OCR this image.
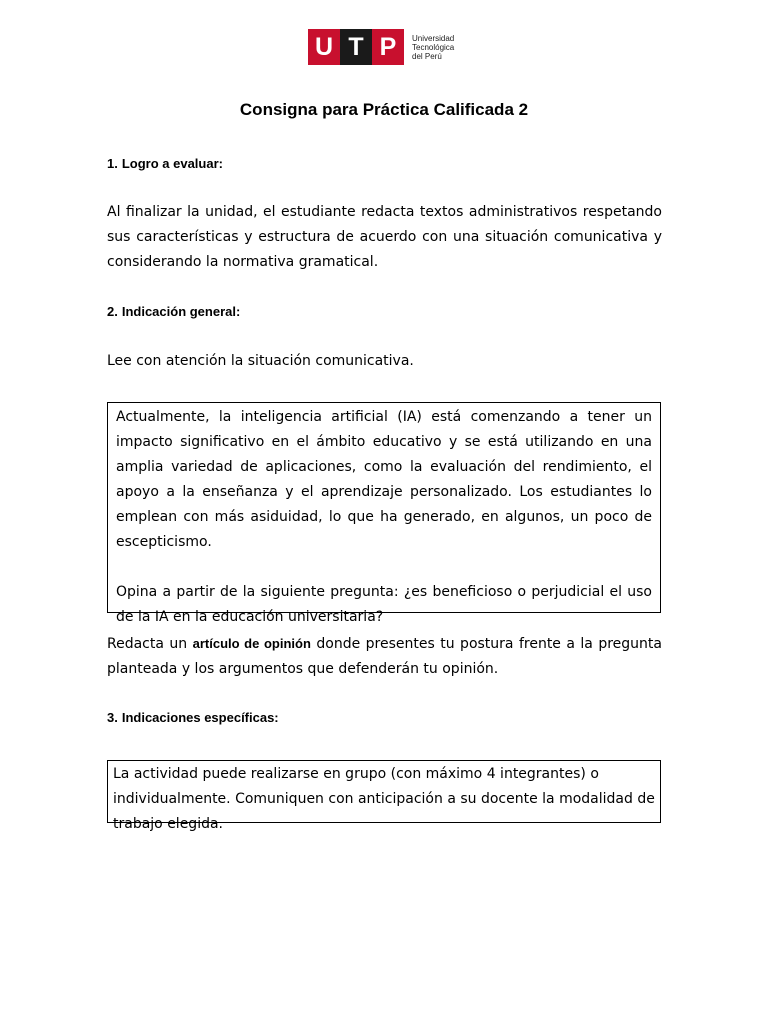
U T P	Universidad
Tecnológica
del Perú
Consigna para Práctica Calificada 2
1. Logro a evaluar:

Al finalizar la unidad, el estudiante redacta textos administrativos respetando sus características y estructura de acuerdo con una situación comunicativa y considerando la normativa gramatical.

2. Indicación general:

Lee con atención la situación comunicativa.

Actualmente, la inteligencia artificial (IA) está comenzando a tener un impacto significativo en el ámbito educativo y se está utilizando en una amplia variedad de aplicaciones, como la evaluación del rendimiento, el apoyo a la enseñanza y el aprendizaje personalizado. Los estudiantes lo emplean con más asiduidad, lo que ha generado, en algunos, un poco de escepticismo.

Opina a partir de la siguiente pregunta: ¿es beneficioso o perjudicial el uso de la IA en la educación universitaria?

Redacta un artículo de opinión donde presentes tu postura frente a la pregunta planteada y los argumentos que defenderán tu opinión.

3. Indicaciones específicas:

La actividad puede realizarse en grupo (con máximo 4 integrantes) o individualmente. Comuniquen con anticipación a su docente la modalidad de trabajo elegida.
